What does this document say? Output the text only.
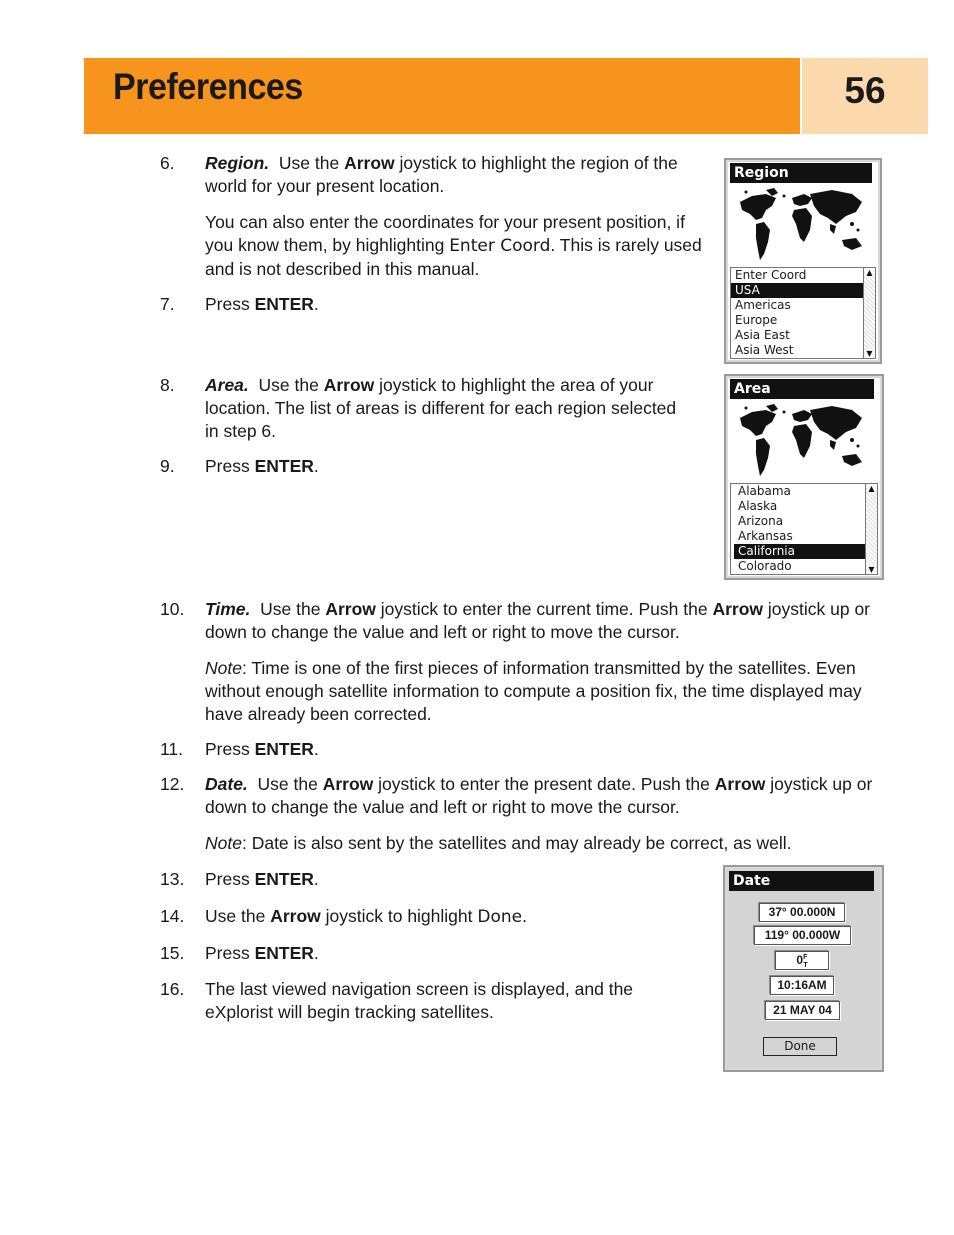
Preferences	56
6. Region. Use the Arrow joystick to highlight the region of the world for your present location.

You can also enter the coordinates for your present position, if you know them, by highlighting Enter Coord. This is rarely used and is not described in this manual.

7. Press ENTER.
8. Area. Use the Arrow joystick to highlight the area of your location. The list of areas is different for each region selected in step 6.

9. Press ENTER.
10. Time. Use the Arrow joystick to enter the current time. Push the Arrow joystick up or down to change the value and left or right to move the cursor.

Note: Time is one of the first pieces of information transmitted by the satellites. Even without enough satellite information to compute a position fix, the time displayed may have already been corrected.

11. Press ENTER.
12. Date. Use the Arrow joystick to enter the present date. Push the Arrow joystick up or down to change the value and left or right to move the cursor.

Note: Date is also sent by the satellites and may already be correct, as well.

13. Press ENTER.
14. Use the Arrow joystick to highlight Done.
15. Press ENTER.
16. The last viewed navigation screen is displayed, and the eXplorist will begin tracking satellites.
Region
Enter Coord
USA
Americas
Europe
Asia East
Asia West
▲
▼
Area
Alabama
Alaska
Arizona
Arkansas
California
Colorado
▲
▼
Date
37° 00.000N
119° 00.000W
$0^F_T$
10:16AM
21 MAY 04
Done
